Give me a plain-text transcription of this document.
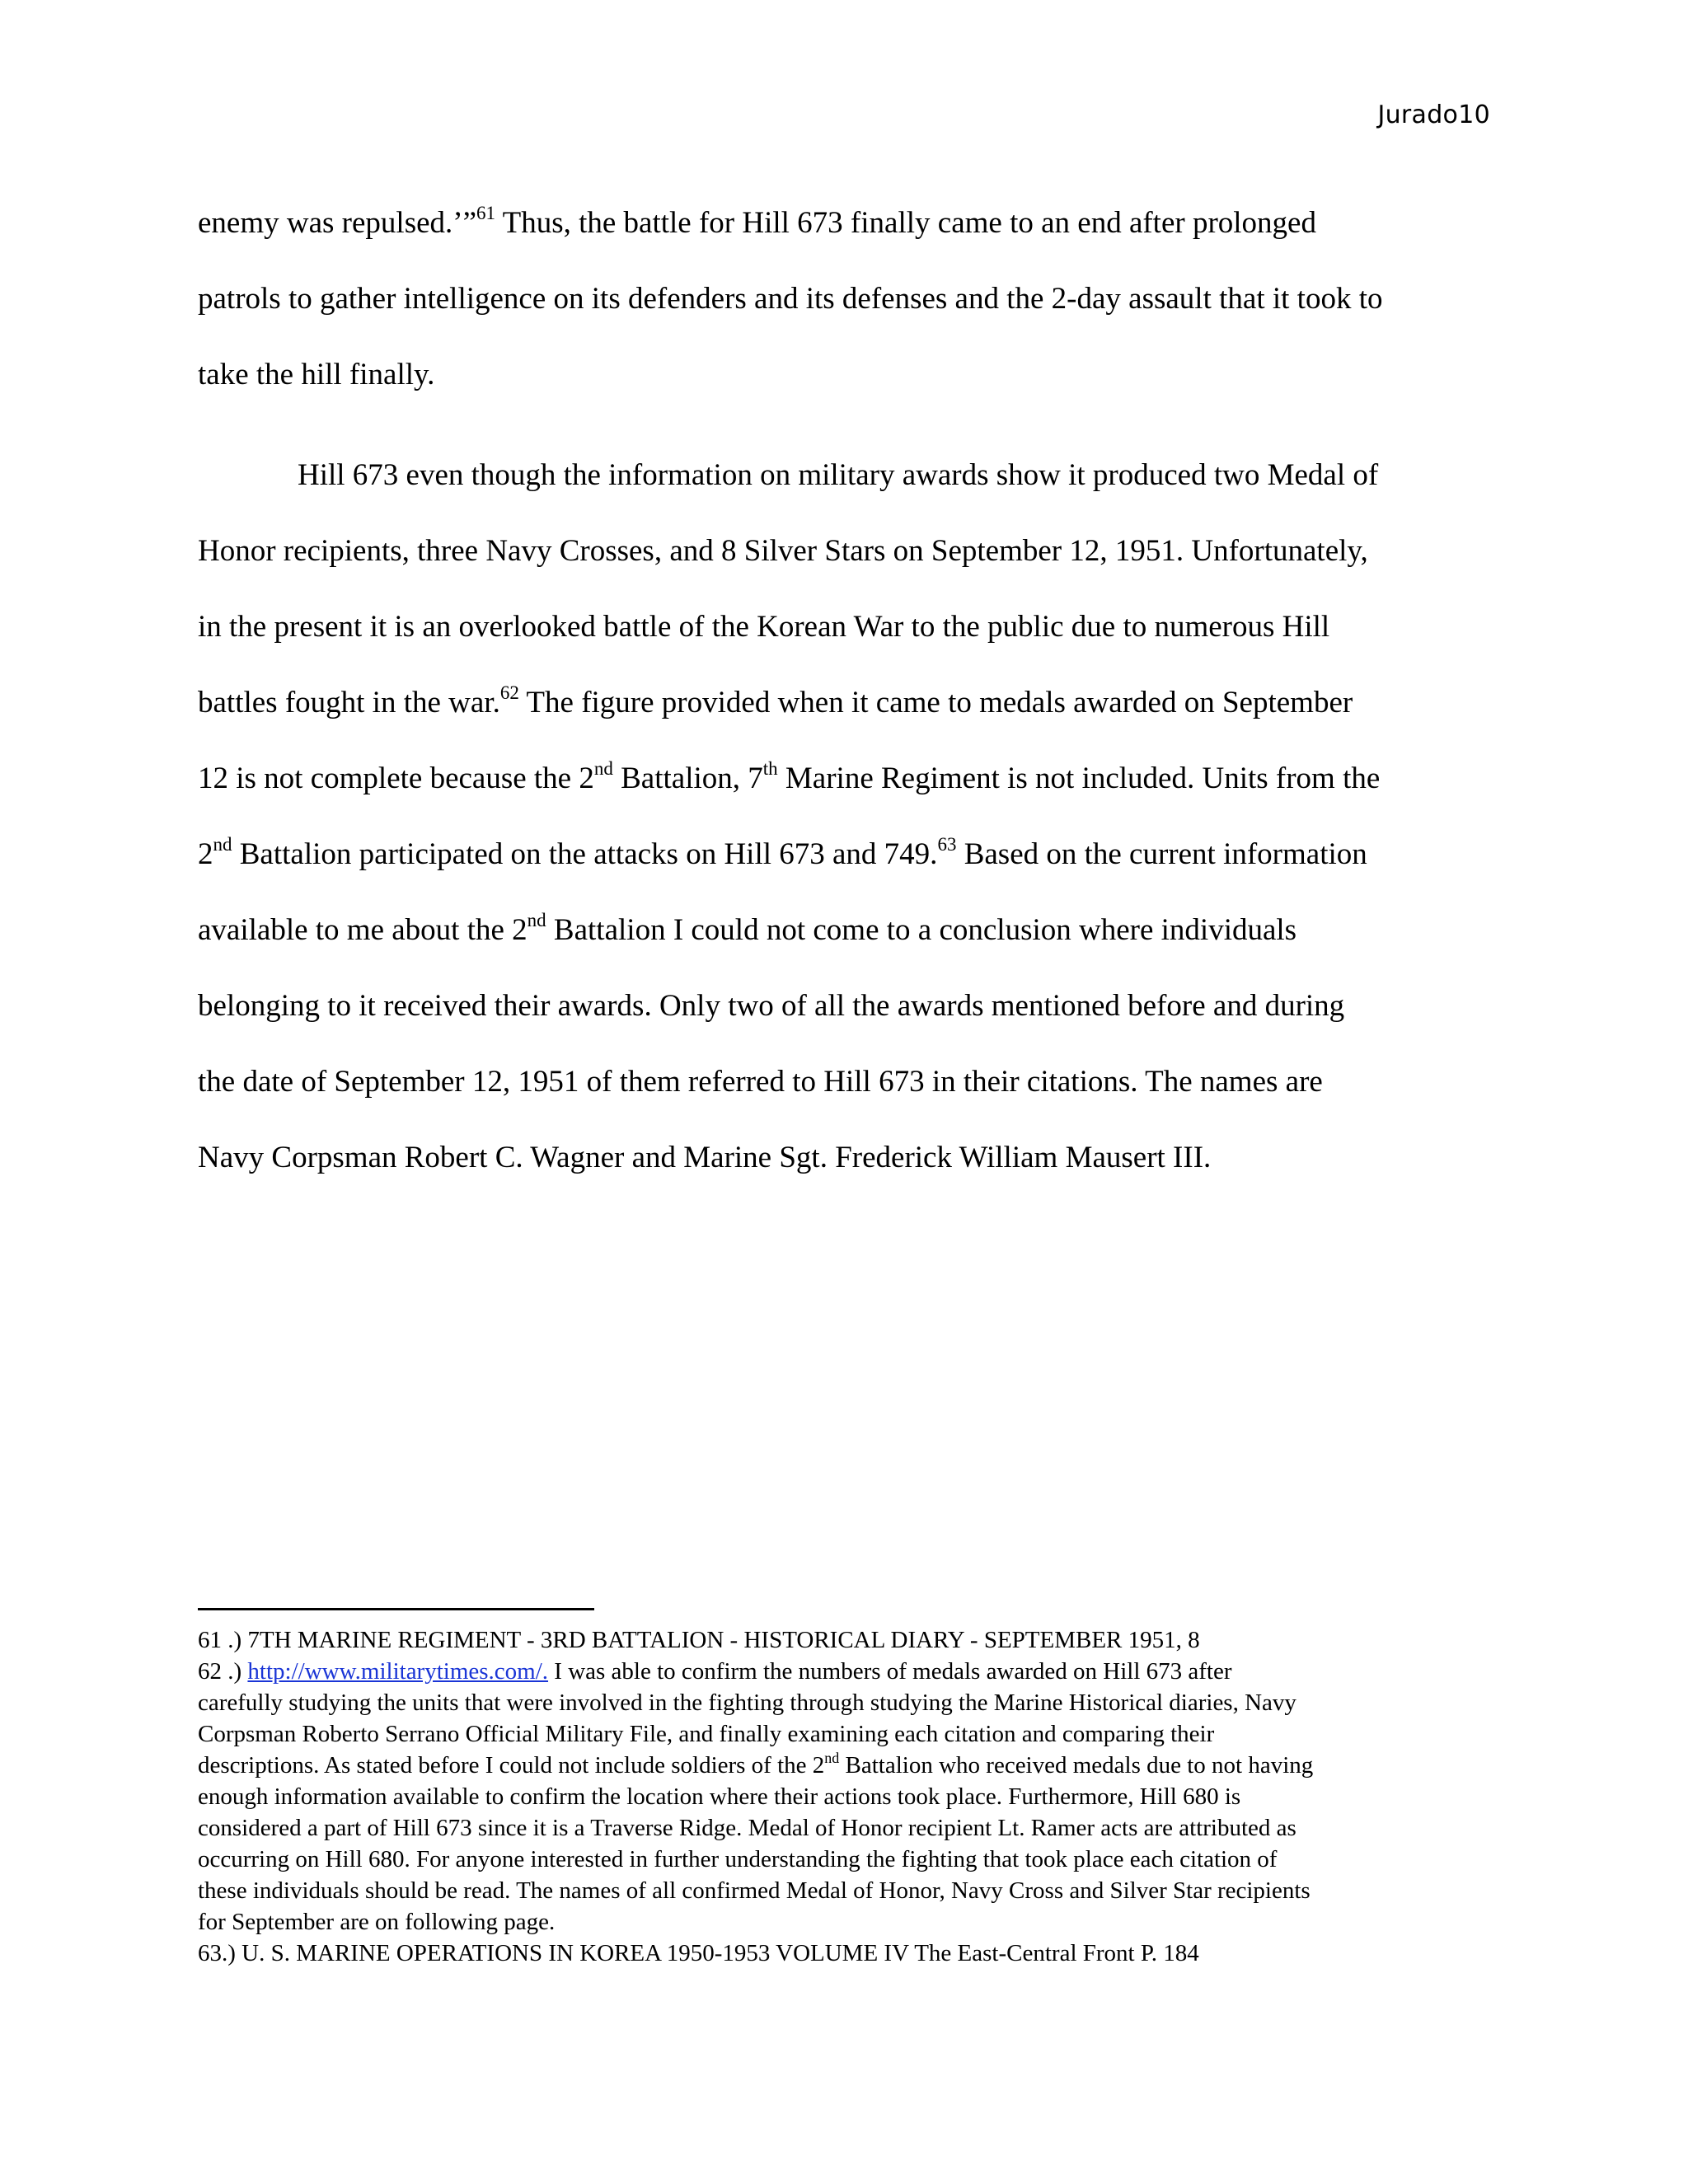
Jurado10
enemy was repulsed.’”$^{61}$ Thus, the battle for Hill 673 finally came to an end after prolonged
patrols to gather intelligence on its defenders and its defenses and the 2-day assault that it took to
take the hill finally.
Hill 673 even though the information on military awards show it produced two Medal of
Honor recipients, three Navy Crosses, and 8 Silver Stars on September 12, 1951. Unfortunately,
in the present it is an overlooked battle of the Korean War to the public due to numerous Hill
battles fought in the war.$^{62}$ The figure provided when it came to medals awarded on September
12 is not complete because the 2nd Battalion, 7th Marine Regiment is not included. Units from the
2nd Battalion participated on the attacks on Hill 673 and 749.63 Based on the current information
available to me about the 2nd Battalion I could not come to a conclusion where individuals
belonging to it received their awards. Only two of all the awards mentioned before and during
the date of September 12, 1951 of them referred to Hill 673 in their citations. The names are
Navy Corpsman Robert C. Wagner and Marine Sgt. Frederick William Mausert III.
61 .) 7TH MARINE REGIMENT - 3RD BATTALION - HISTORICAL DIARY - SEPTEMBER 1951, 8
62 .) http://www.militarytimes.com/. I was able to confirm the numbers of medals awarded on Hill 673 after
carefully studying the units that were involved in the fighting through studying the Marine Historical diaries, Navy
Corpsman Roberto Serrano Official Military File, and finally examining each citation and comparing their
descriptions. As stated before I could not include soldiers of the 2nd Battalion who received medals due to not having
enough information available to confirm the location where their actions took place. Furthermore, Hill 680 is
considered a part of Hill 673 since it is a Traverse Ridge. Medal of Honor recipient Lt. Ramer acts are attributed as
occurring on Hill 680. For anyone interested in further understanding the fighting that took place each citation of
these individuals should be read. The names of all confirmed Medal of Honor, Navy Cross and Silver Star recipients
for September are on following page.
63.) U. S. MARINE OPERATIONS IN KOREA 1950-1953 VOLUME IV The East-Central Front P. 184
